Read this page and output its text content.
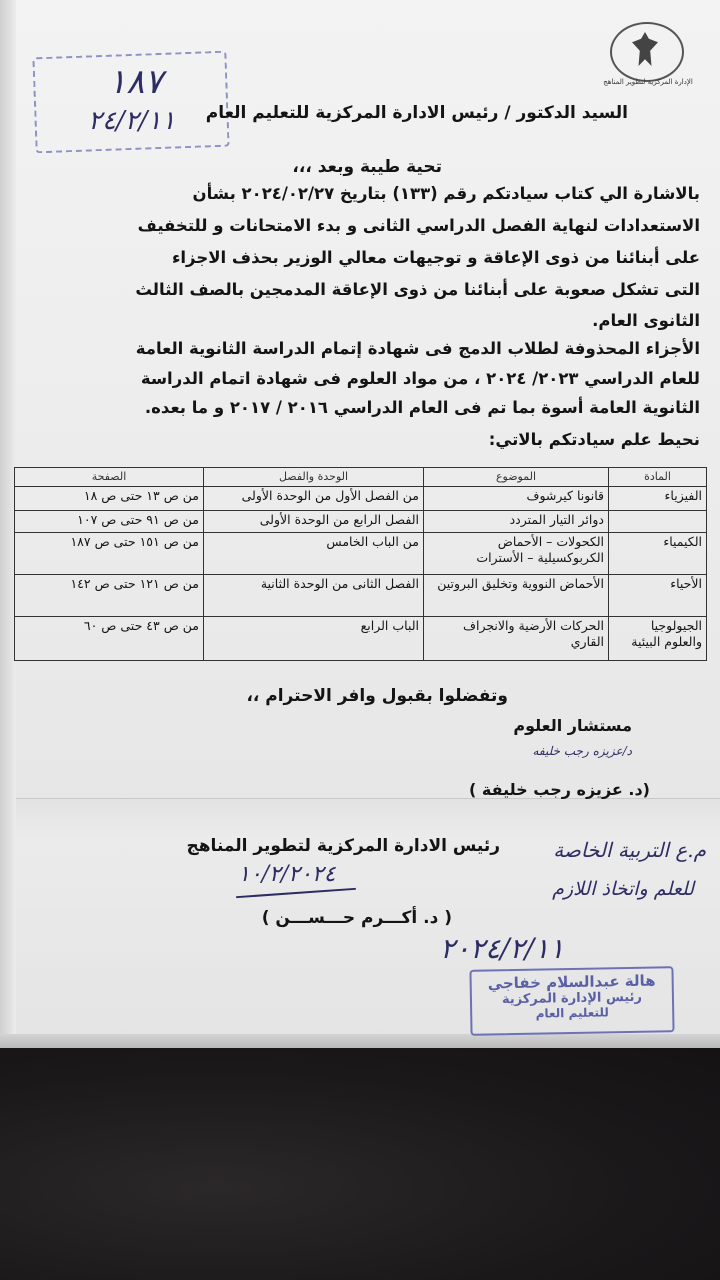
الإدارة المركزية لتطوير المناهج
١٨٧
٢٤/٢/١١ السيد الدكتور / رئيس الادارة المركزية للتعليم العام
تحية طيبة وبعد ،،،
بالاشارة الي كتاب سيادتكم رقم (١٣٣) بتاريخ ٢٠٢٤/٠٢/٢٧ بشأن
الاستعدادات لنهاية الفصل الدراسي الثانى و بدء الامتحانات و للتخفيف
على أبنائنا من ذوى الإعاقة و توجيهات معالي الوزير بحذف الاجزاء
التى تشكل صعوبة على أبنائنا من ذوى الإعاقة المدمجين بالصف الثالث
الثانوى العام.
الأجزاء المحذوفة لطلاب الدمج فى شهادة إتمام الدراسة الثانوية العامة
للعام الدراسي ٢٠٢٣/ ٢٠٢٤ ، من مواد العلوم فى شهادة اتمام الدراسة
الثانوية العامة أسوة بما تم فى العام الدراسي ٢٠١٦ / ٢٠١٧ و ما بعده.
نحيط علم سيادتكم بالاتي:
المادة	الموضوع	الوحدة والفصل	الصفحة
الفيزياء	قانونا كيرشوف	من الفصل الأول من الوحدة الأولى	من ص ١٣ حتى ص ١٨
	دوائر التيار المتردد	الفصل الرابع من الوحدة الأولى	من ص ٩١ حتى ص ١٠٧
الكيمياء	الكحولات – الأحماض الكربوكسيلية – الأسترات	من الباب الخامس	من ص ١٥١ حتى ص ١٨٧
الأحياء	الأحماض النووية وتخليق البروتين	الفصل الثانى من الوحدة الثانية	من ص ١٢١ حتى ص ١٤٢
الجيولوجيا والعلوم البيئية	الحركات الأرضية والانجراف القاري	الباب الرابع	من ص ٤٣ حتى ص ٦٠
وتفضلوا بقبول وافر الاحترام ،،
مستشار العلوم
د/عزيزه رجب خليفه
(د. عزيزه رجب خليفة )
رئيس الادارة المركزية لتطوير المناهج
١٠/٢/٢٠٢٤
( د. أكـــرم حـــســـن )
م.ع التربية الخاصة
للعلم واتخاذ اللازم
٢٠٢٤/٢/١١
هالة عبدالسلام خفاجي
رئيس الإدارة المركزية
للتعليم العام
